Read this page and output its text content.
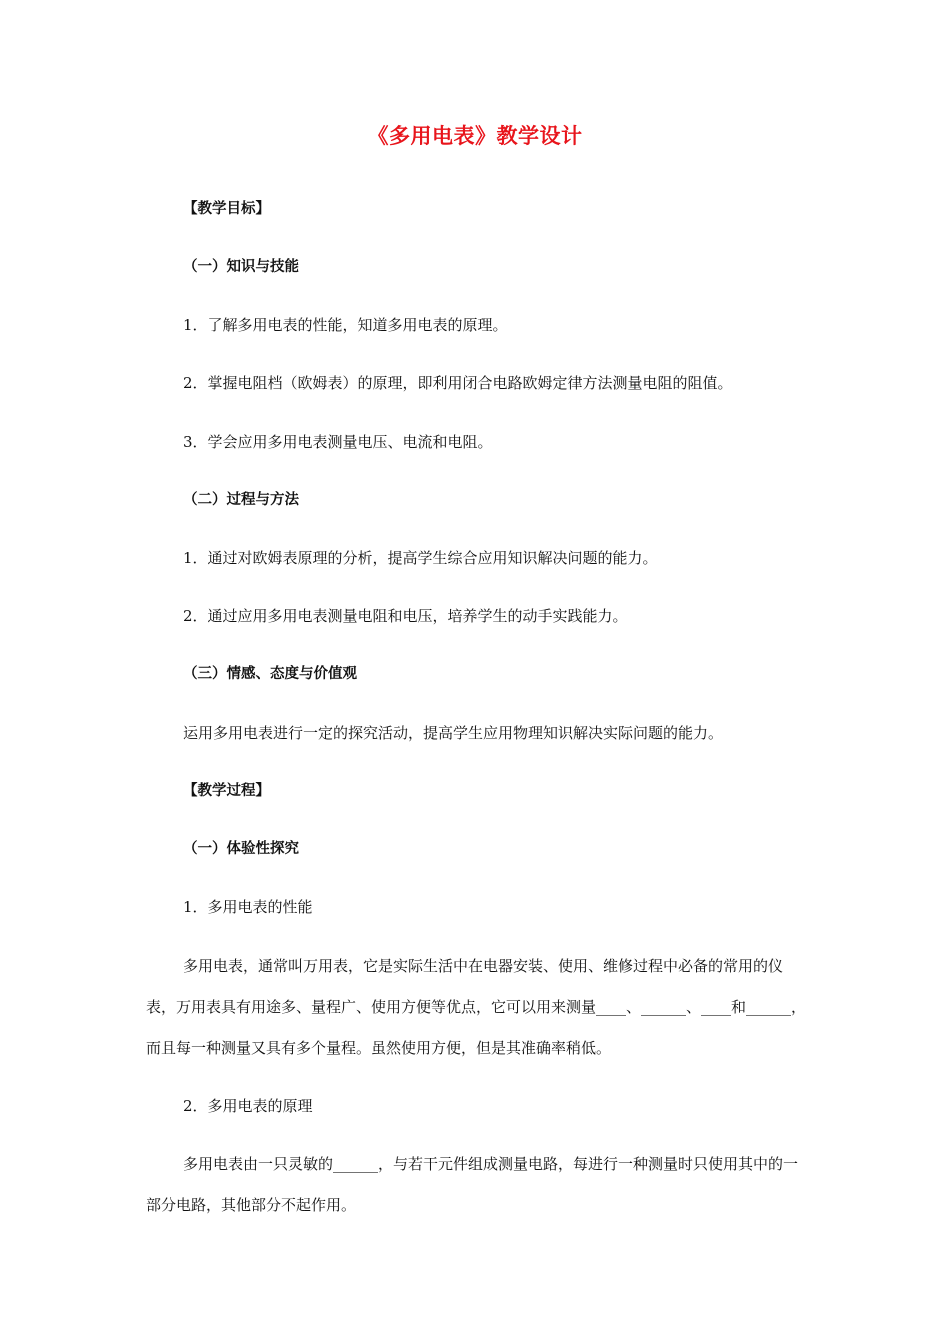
《多用电表》教学设计
【教学目标】
（一）知识与技能
1．了解多用电表的性能，知道多用电表的原理。
2．掌握电阻档（欧姆表）的原理，即利用闭合电路欧姆定律方法测量电阻的阻值。
3．学会应用多用电表测量电压、电流和电阻。
（二）过程与方法
1．通过对欧姆表原理的分析，提高学生综合应用知识解决问题的能力。
2．通过应用多用电表测量电阻和电压，培养学生的动手实践能力。
（三）情感、态度与价值观
运用多用电表进行一定的探究活动，提高学生应用物理知识解决实际问题的能力。
【教学过程】
（一）体验性探究
1．多用电表的性能
多用电表，通常叫万用表，它是实际生活中在电器安装、使用、维修过程中必备的常用的仪表，万用表具有用途多、量程广、使用方便等优点，它可以用来测量____、______、____和______，而且每一种测量又具有多个量程。虽然使用方便，但是其准确率稍低。
2．多用电表的原理
多用电表由一只灵敏的______，与若干元件组成测量电路，每进行一种测量时只使用其中的一部分电路，其他部分不起作用。
